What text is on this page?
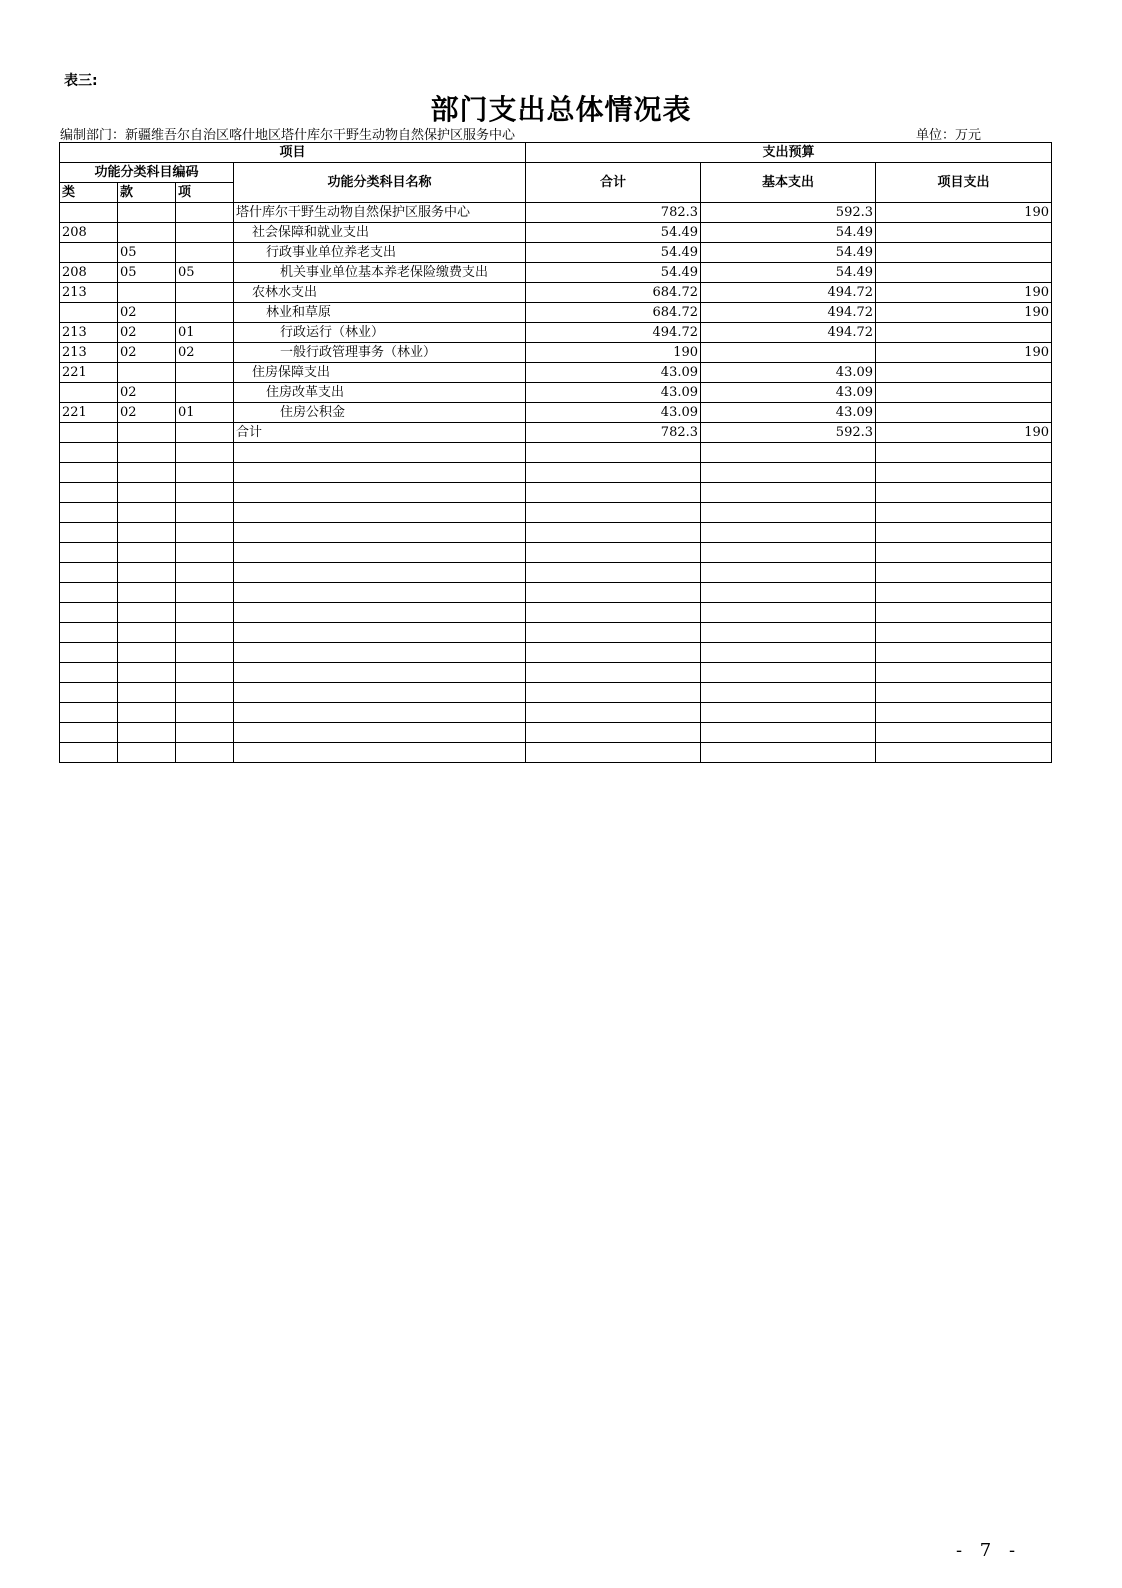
表三:
部门支出总体情况表
编制部门：新疆维吾尔自治区喀什地区塔什库尔干野生动物自然保护区服务中心	单位：万元
项目				支出预算		
功能分类科目编码			功能分类科目名称	合计	基本支出	项目支出
类	款	项				
			塔什库尔干野生动物自然保护区服务中心	782.3	592.3	190
208			社会保障和就业支出	54.49	54.49	
	05		行政事业单位养老支出	54.49	54.49	
208	05	05	机关事业单位基本养老保险缴费支出	54.49	54.49	
213			农林水支出	684.72	494.72	190
	02		林业和草原	684.72	494.72	190
213	02	01	行政运行（林业）	494.72	494.72	
213	02	02	一般行政管理事务（林业）	190		190
221			住房保障支出	43.09	43.09	
	02		住房改革支出	43.09	43.09	
221	02	01	住房公积金	43.09	43.09	
			合计	782.3	592.3	190

- 7 -
